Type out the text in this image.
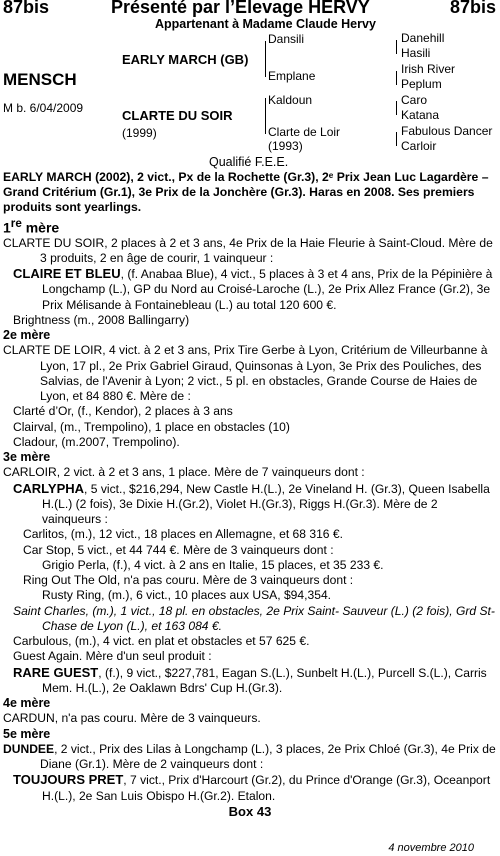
87bis	Présenté par l’Elevage HERVY	87bis
Appartenant à Madame Claude Hervy
MENSCH
M b. 6/04/2009
EARLY MARCH (GB)
CLARTE DU SOIR
(1999)
Dansili
Emplane
Kaldoun
Clarte de Loir
(1993)
Danehill
Hasili
Irish River
Peplum
Caro
Katana
Fabulous Dancer
Carloir
Qualifié F.E.E.

EARLY MARCH (2002), 2 vict., Px de la Rochette (Gr.3), 2ᵉ Prix Jean Luc Lagardère – Grand Critérium (Gr.1), 3e Prix de la Jonchère (Gr.3). Haras en 2008. Ses premiers produits sont yearlings.

1re mère

CLARTE DU SOIR, 2 places à 2 et 3 ans, 4e Prix de la Haie Fleurie à Saint-Cloud. Mère de 3 produits, 2 en âge de courir, 1 vainqueur :

CLAIRE ET BLEU, (f. Anabaa Blue), 4 vict., 5 places à 3 et 4 ans, Prix de la Pépinière à Longchamp (L.), GP du Nord au Croisé-Laroche (L.), 2e Prix Allez France (Gr.2), 3e Prix Mélisande à Fontainebleau (L.) au total 120 600 €.

Brightness (m., 2008 Ballingarry)

2e mère

CLARTE DE LOIR, 4 vict. à 2 et 3 ans, Prix Tire Gerbe à Lyon, Critérium de Villeurbanne à Lyon, 17 pl., 2e Prix Gabriel Giraud, Quinsonas à Lyon, 3e Prix des Pouliches, des Salvias, de l'Avenir à Lyon; 2 vict., 5 pl. en obstacles, Grande Course de Haies de Lyon, et 84 880 €. Mère de :

Clarté d’Or, (f., Kendor), 2 places à 3 ans

Clairval, (m., Trempolino), 1 place en obstacles (10)

Cladour, (m.2007, Trempolino).

3e mère

CARLOIR, 2 vict. à 2 et 3 ans, 1 place. Mère de 7 vainqueurs dont :

CARLYPHA, 5 vict., $216,294, New Castle H.(L.), 2e Vineland H. (Gr.3), Queen Isabella H.(L.) (2 fois), 3e Dixie H.(Gr.2), Violet H.(Gr.3), Riggs H.(Gr.3). Mère de 2 vainqueurs :

Carlitos, (m.), 12 vict., 18 places en Allemagne, et 68 316 €.

Car Stop, 5 vict., et 44 744 €. Mère de 3 vainqueurs dont :

Grigio Perla, (f.), 4 vict. à 2 ans en Italie, 15 places, et 35 233 €.

Ring Out The Old, n'a pas couru. Mère de 3 vainqueurs dont :

Rusty Ring, (m.), 6 vict., 10 places aux USA, $94,354.

Saint Charles, (m.), 1 vict., 18 pl. en obstacles, 2e Prix Saint- Sauveur (L.) (2 fois), Grd St-Chase de Lyon (L.), et 163 084 €.

Carbulous, (m.), 4 vict. en plat et obstacles et 57 625 €.

Guest Again. Mère d'un seul produit :

RARE GUEST, (f.), 9 vict., $227,781, Eagan S.(L.), Sunbelt H.(L.), Purcell S.(L.), Carris Mem. H.(L.), 2e Oaklawn Bdrs' Cup H.(Gr.3).

4e mère

CARDUN, n'a pas couru. Mère de 3 vainqueurs.

5e mère

DUNDEE, 2 vict., Prix des Lilas à Longchamp (L.), 3 places, 2e Prix Chloé (Gr.3), 4e Prix de Diane (Gr.1). Mère de 2 vainqueurs dont :

TOUJOURS PRET, 7 vict., Prix d'Harcourt (Gr.2), du Prince d'Orange (Gr.3), Oceanport H.(L.), 2e San Luis Obispo H.(Gr.2). Etalon.

Box 43

4 novembre 2010
